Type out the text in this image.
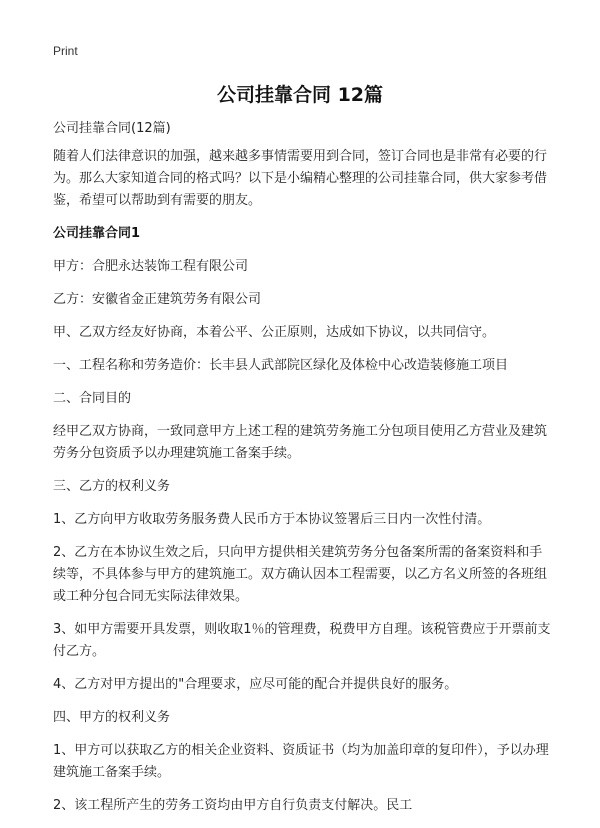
Print
公司挂靠合同 12篇

公司挂靠合同(12篇)

随着人们法律意识的加强，越来越多事情需要用到合同，签订合同也是非常有必要的行为。那么大家知道合同的格式吗？以下是小编精心整理的公司挂靠合同，供大家参考借鉴，希望可以帮助到有需要的朋友。

公司挂靠合同1

甲方：合肥永达装饰工程有限公司

乙方：安徽省金正建筑劳务有限公司

甲、乙双方经友好协商，本着公平、公正原则，达成如下协议，以共同信守。

一、工程名称和劳务造价：长丰县人武部院区绿化及体检中心改造装修施工项目

二、合同目的

经甲乙双方协商，一致同意甲方上述工程的建筑劳务施工分包项目使用乙方营业及建筑劳务分包资质予以办理建筑施工备案手续。

三、乙方的权利义务

1、乙方向甲方收取劳务服务费人民币方于本协议签署后三日内一次性付清。

2、乙方在本协议生效之后，只向甲方提供相关建筑劳务分包备案所需的备案资料和手续等，不具体参与甲方的建筑施工。双方确认因本工程需要，以乙方名义所签的各班组或工种分包合同无实际法律效果。

3、如甲方需要开具发票，则收取1％的管理费，税费甲方自理。该税管费应于开票前支付乙方。

4、乙方对甲方提出的"合理要求，应尽可能的配合并提供良好的服务。

四、甲方的权利义务

1、甲方可以获取乙方的相关企业资料、资质证书（均为加盖印章的复印件），予以办理建筑施工备案手续。

2、该工程所产生的劳务工资均由甲方自行负责支付解决。民工
